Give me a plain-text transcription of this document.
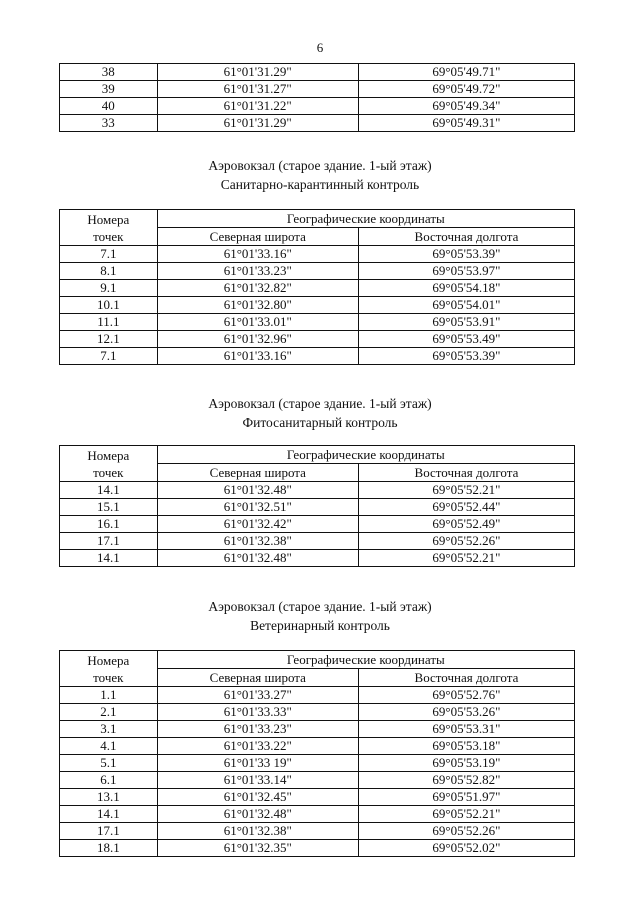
6
38	61°01'31.29"	69°05'49.71"
39	61°01'31.27"	69°05'49.72"
40	61°01'31.22"	69°05'49.34"
33	61°01'31.29"	69°05'49.31"
Аэровокзал (старое здание. 1-ый этаж)
Санитарно-карантинный контроль
Номера
точек	Географические координаты	
	Северная широта	Восточная долгота
7.1	61°01'33.16"	69°05'53.39"
8.1	61°01'33.23"	69°05'53.97"
9.1	61°01'32.82"	69°05'54.18"
10.1	61°01'32.80"	69°05'54.01"
11.1	61°01'33.01"	69°05'53.91"
12.1	61°01'32.96"	69°05'53.49"
7.1	61°01'33.16"	69°05'53.39"
Аэровокзал (старое здание. 1-ый этаж)
Фитосанитарный контроль
Номера
точек	Географические координаты	
	Северная широта	Восточная долгота
14.1	61°01'32.48"	69°05'52.21"
15.1	61°01'32.51"	69°05'52.44"
16.1	61°01'32.42"	69°05'52.49"
17.1	61°01'32.38"	69°05'52.26"
14.1	61°01'32.48"	69°05'52.21"
Аэровокзал (старое здание. 1-ый этаж)
Ветеринарный контроль
Номера
точек	Географические координаты	
	Северная широта	Восточная долгота
1.1	61°01'33.27"	69°05'52.76"
2.1	61°01'33.33"	69°05'53.26"
3.1	61°01'33.23"	69°05'53.31"
4.1	61°01'33.22"	69°05'53.18"
5.1	61°01'33 19"	69°05'53.19"
6.1	61°01'33.14"	69°05'52.82"
13.1	61°01'32.45"	69°05'51.97"
14.1	61°01'32.48"	69°05'52.21"
17.1	61°01'32.38"	69°05'52.26"
18.1	61°01'32.35"	69°05'52.02"
